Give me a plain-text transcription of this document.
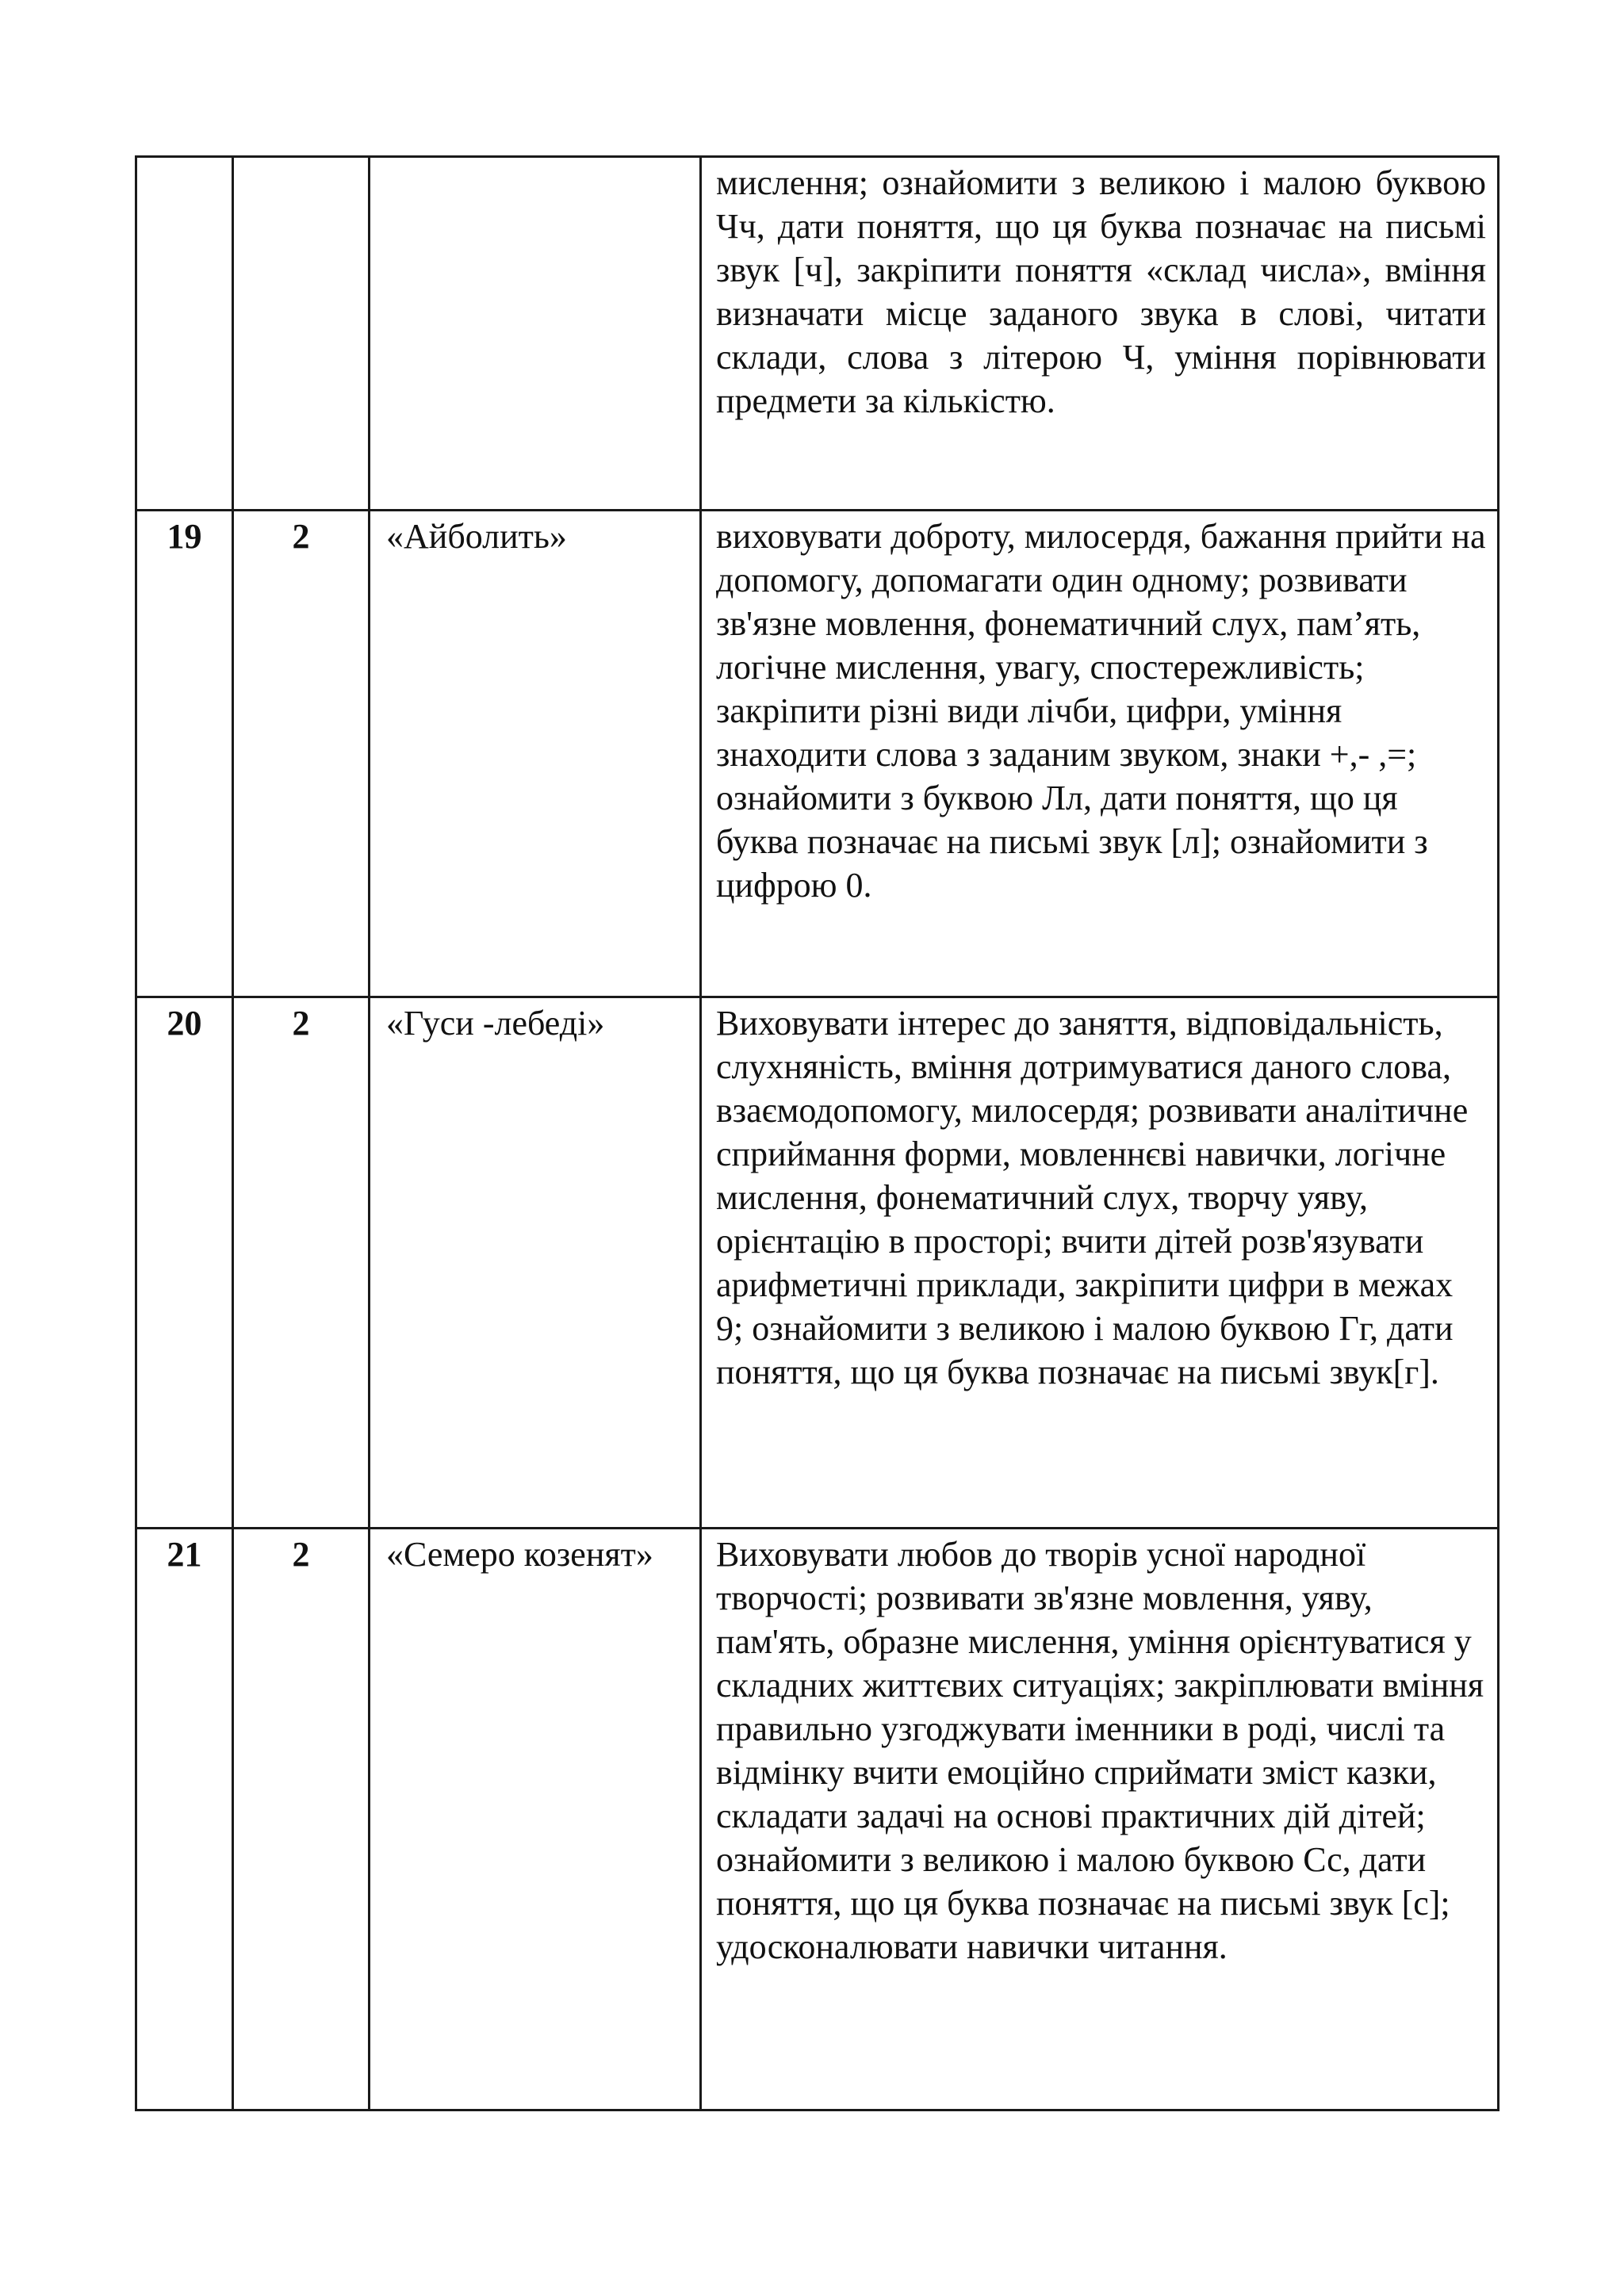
			мислення; ознайомити з великою і малою буквою Чч, дати поняття, що ця буква позначає на письмі звук [ч], закріпити поняття «склад числа», вміння визначати місце заданого звука в слові, читати склади, слова з літерою Ч, уміння порівнювати предмети за кількістю.
19	2	«Айболить»	виховувати доброту, милосердя, бажання прийти на допомогу, допомагати один одному; розвивати зв'язне мовлення, фонематичний слух, пам’ять, логічне мислення, увагу, спостережливість; закріпити різні види лічби, цифри, уміння знаходити слова з заданим звуком, знаки +,- ,=; ознайомити з буквою Лл, дати поняття, що ця буква позначає на письмі звук [л]; ознайомити з цифрою 0.
20	2	«Гуси -лебеді»	Виховувати інтерес до заняття, відповідальність, слухняність, вміння дотримуватися даного слова, взаємодопомогу, милосердя; розвивати аналітичне сприймання форми, мовленнєві навички, логічне мислення, фонематичний слух, творчу уяву, орієнтацію в просторі; вчити дітей розв'язувати арифметичні приклади, закріпити цифри в межах 9; ознайомити з великою і малою буквою Гг, дати поняття, що ця буква позначає на письмі звук[г].
21	2	«Семеро козенят»	Виховувати любов до творів усної народної творчості; розвивати зв'язне мовлення, уяву, пам'ять, образне мислення, уміння орієнтуватися у складних життєвих ситуаціях; закріплювати вміння правильно узгоджувати іменники в роді, числі та відмінку вчити емоційно сприймати зміст казки, складати задачі на основі практичних дій дітей; ознайомити з великою і малою буквою Сс, дати поняття, що ця буква позначає на письмі звук [с]; удосконалювати навички читання.
